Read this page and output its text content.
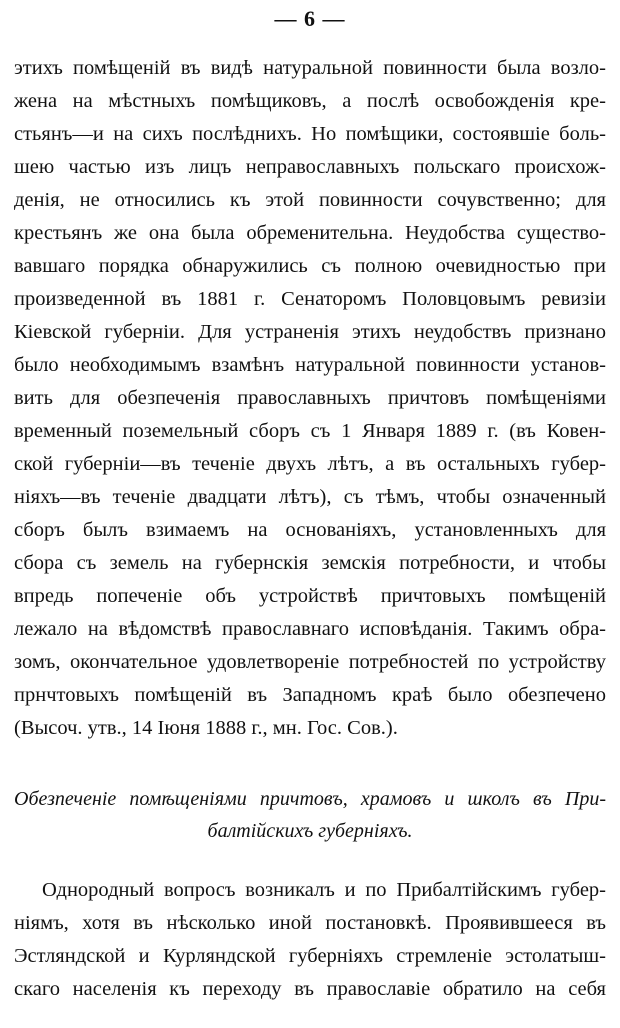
— 6 —
этихъ помѣщеній въ видѣ натуральной повинности была возло-
жена на мѣстныхъ помѣщиковъ, а послѣ освобожденія кре-
стьянъ—и на сихъ послѣднихъ. Но помѣщики, состоявшіе боль-
шею частью изъ лицъ неправославныхъ польскаго происхож-
денія, не относились къ этой повинности сочувственно; для
крестьянъ же она была обременительна. Неудобства существо-
вавшаго порядка обнаружились съ полною очевидностью при
произведенной въ 1881 г. Сенаторомъ Половцовымъ ревизіи
Кіевской губерніи. Для устраненія этихъ неудобствъ признано
было необходимымъ взамѣнъ натуральной повинности установ-
вить для обезпеченія православныхъ причтовъ помѣщеніями
временный поземельный сборъ съ 1 Января 1889 г. (въ Ковен-
ской губерніи—въ теченіе двухъ лѣтъ, а въ остальныхъ губер-
ніяхъ—въ теченіе двадцати лѣтъ), съ тѣмъ, чтобы означенный
сборъ былъ взимаемъ на основаніяхъ, установленныхъ для
сбора съ земель на губернскія земскія потребности, и чтобы
впредь попеченіе объ устройствѣ причтовыхъ помѣщеній
лежало на вѣдомствѣ православнаго исповѣданія. Такимъ обра-
зомъ, окончательное удовлетвореніе потребностей по устройству
прнчтовыхъ помѣщеній въ Западномъ краѣ было обезпечено
(Высоч. утв., 14 Іюня 1888 г., мн. Гос. Сов.).
Обезпеченіе помѣщеніями причтовъ, храмовъ и школъ въ При-
балтійскихъ губерніяхъ.
Однородный вопросъ возникалъ и по Прибалтійскимъ губер-
ніямъ, хотя въ нѣсколько иной постановкѣ. Проявившееся въ
Эстляндской и Курляндской губерніяхъ стремленіе эстолатыш-
скаго населенія къ переходу въ православіе обратило на себя
